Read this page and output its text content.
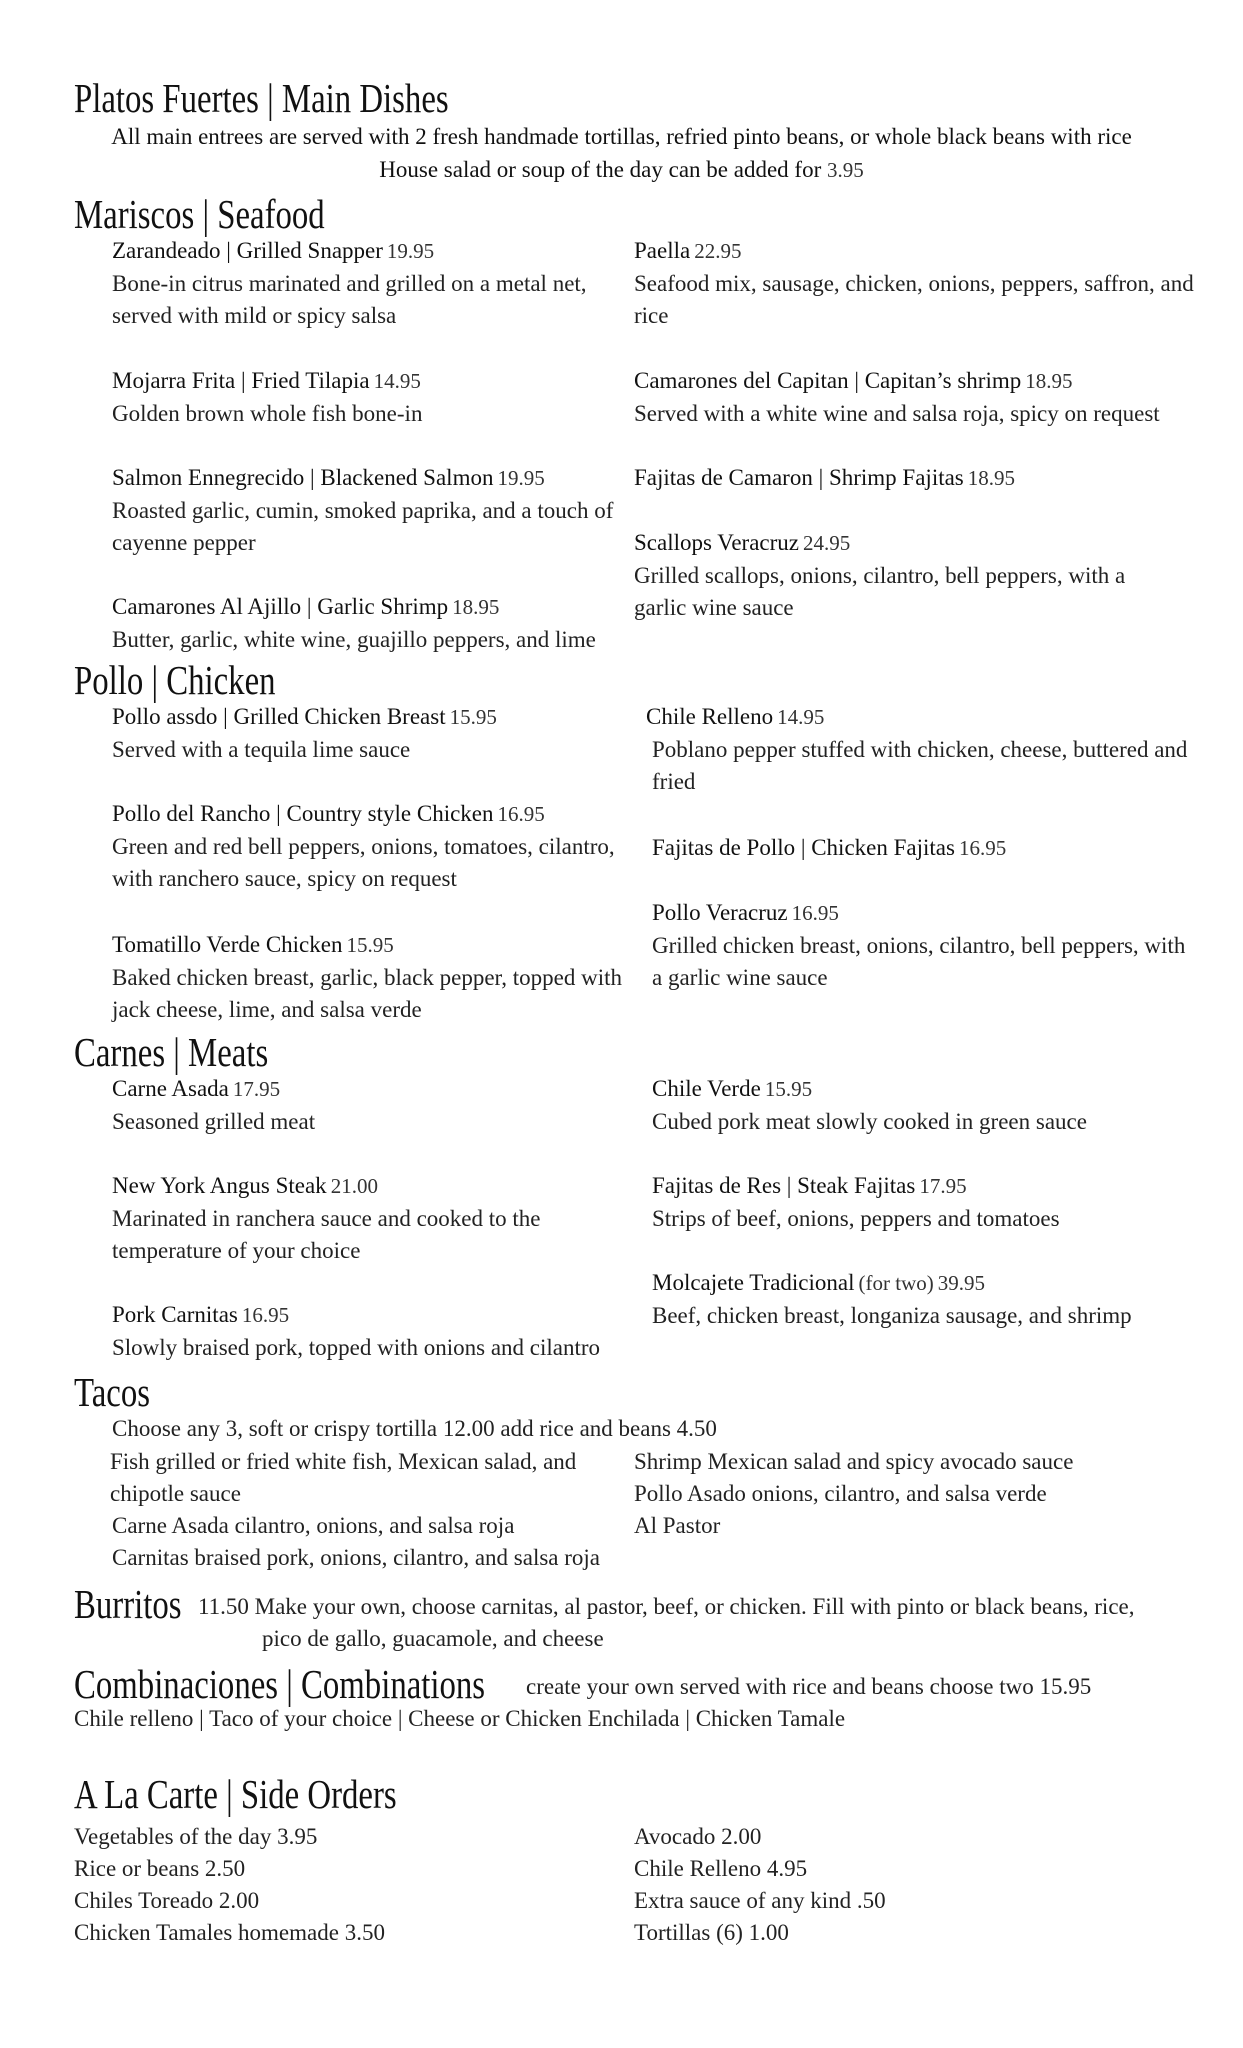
Platos Fuertes | Main Dishes
All main entrees are served with 2 fresh handmade tortillas, refried pinto beans, or whole black beans with rice
House salad or soup of the day can be added for 3.95
Mariscos | Seafood
Zarandeado | Grilled Snapper 19.95
Bone-in citrus marinated and grilled on a metal net, served with mild or spicy salsa
Paella 22.95
Seafood mix, sausage, chicken, onions, peppers, saffron, and rice
Mojarra Frita | Fried Tilapia 14.95
Golden brown whole fish bone-in
Camarones del Capitan | Capitan’s shrimp 18.95
Served with a white wine and salsa roja, spicy on request
Salmon Ennegrecido | Blackened Salmon 19.95
Roasted garlic, cumin, smoked paprika, and a touch of cayenne pepper
Fajitas de Camaron | Shrimp Fajitas 18.95
Scallops Veracruz 24.95
Grilled scallops, onions, cilantro, bell peppers, with a garlic wine sauce
Camarones Al Ajillo | Garlic Shrimp 18.95
Butter, garlic, white wine, guajillo peppers, and lime
Pollo | Chicken
Pollo assdo | Grilled Chicken Breast 15.95
Served with a tequila lime sauce
Chile Relleno 14.95
Poblano pepper stuffed with chicken, cheese, buttered and fried
Pollo del Rancho | Country style Chicken 16.95
Green and red bell peppers, onions, tomatoes, cilantro, with ranchero sauce, spicy on request
Fajitas de Pollo | Chicken Fajitas 16.95
Pollo Veracruz 16.95
Grilled chicken breast, onions, cilantro, bell peppers, with a garlic wine sauce
Tomatillo Verde Chicken 15.95
Baked chicken breast, garlic, black pepper, topped with jack cheese, lime, and salsa verde
Carnes | Meats
Carne Asada 17.95
Seasoned grilled meat
Chile Verde 15.95
Cubed pork meat slowly cooked in green sauce
New York Angus Steak 21.00
Marinated in ranchera sauce and cooked to the temperature of your choice
Fajitas de Res | Steak Fajitas 17.95
Strips of beef, onions, peppers and tomatoes
Molcajete Tradicional (for two) 39.95
Beef, chicken breast, longaniza sausage, and shrimp
Pork Carnitas 16.95
Slowly braised pork, topped with onions and cilantro
Tacos
Choose any 3, soft or crispy tortilla 12.00 add rice and beans 4.50
Fish grilled or fried white fish, Mexican salad, and chipotle sauce
Shrimp Mexican salad and spicy avocado sauce
Pollo Asado onions, cilantro, and salsa verde
Carne Asada cilantro, onions, and salsa roja	Al Pastor
Carnitas braised pork, onions, cilantro, and salsa roja
Burritos 11.50 Make your own, choose carnitas, al pastor, beef, or chicken. Fill with pinto or black beans, rice,
pico de gallo, guacamole, and cheese
Combinaciones | Combinations	create your own served with rice and beans choose two 15.95
Chile relleno | Taco of your choice | Cheese or Chicken Enchilada | Chicken Tamale
A La Carte | Side Orders
Vegetables of the day 3.95
Rice or beans 2.50
Chiles Toreado 2.00
Chicken Tamales homemade 3.50
Avocado 2.00
Chile Relleno 4.95
Extra sauce of any kind .50
Tortillas (6) 1.00
